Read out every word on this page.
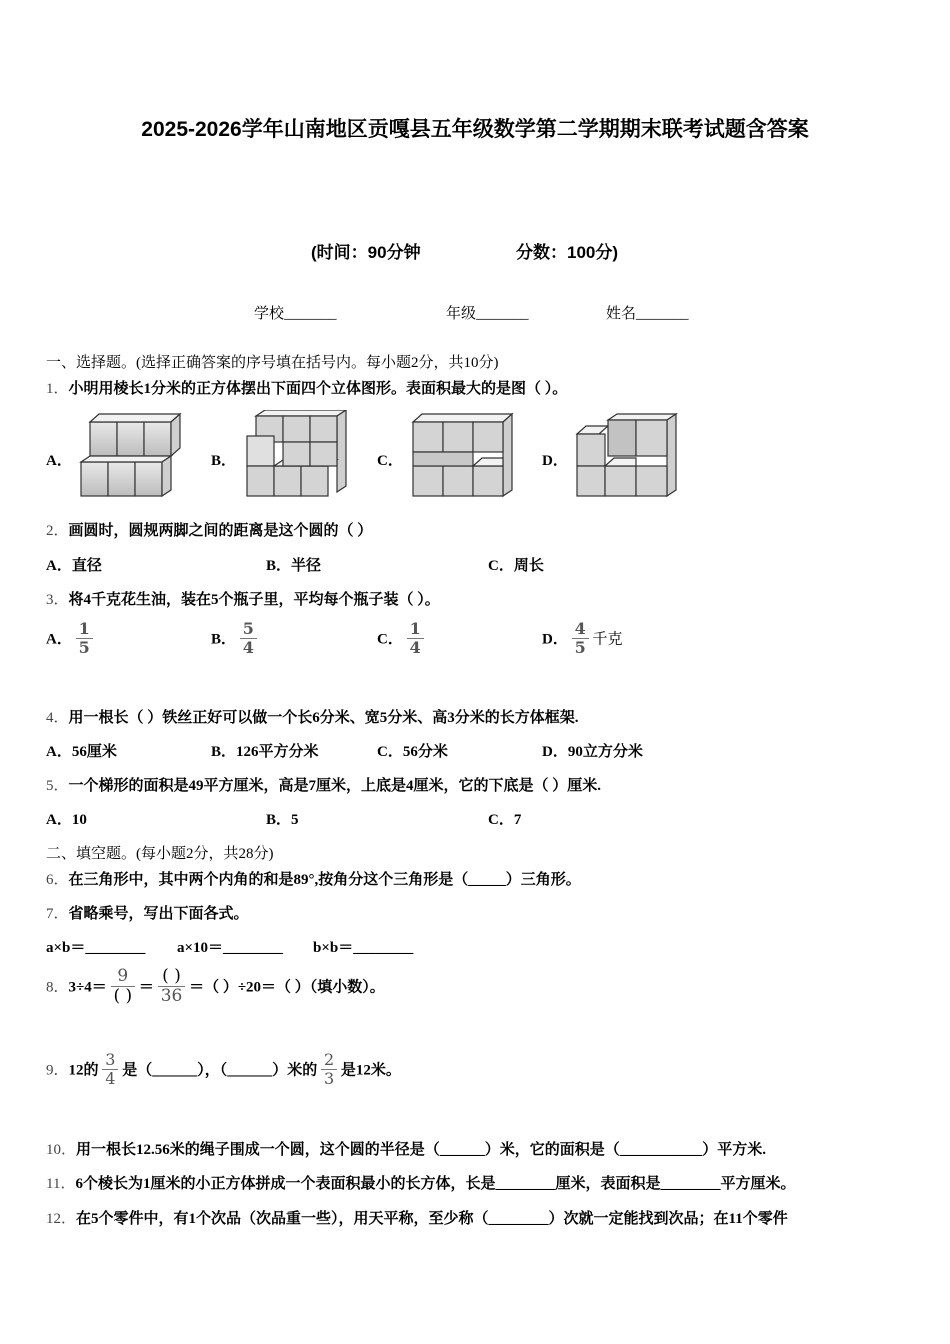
2025-2026学年山南地区贡嘎县五年级数学第二学期期末联考试题含答案
(时间：90分钟	分数：100分)
学校_______	年级_______	姓名_______
一、选择题。(选择正确答案的序号填在括号内。每小题2分，共10分)
1．小明用棱长1分米的正方体摆出下面四个立体图形。表面积最大的是图（ ）。
A．	B．	C．	D．
2．画圆时，圆规两脚之间的距离是这个圆的（ ）
A．直径	B．半径	C．周长
3．将4千克花生油，装在5个瓶子里，平均每个瓶子装（ ）。
A． $\frac{1}{5}$	B． $\frac{5}{4}$	C． $\frac{1}{4}$	D． $\frac{4}{5}$ 千克
4．用一根长（ ）铁丝正好可以做一个长6分米、宽5分米、高3分米的长方体框架.
A．56厘米	B．126平方分米	C．56分米	D．90立方分米
5．一个梯形的面积是49平方厘米，高是7厘米，上底是4厘米，它的下底是（ ）厘米.
A．10	B．5	C．7
二、填空题。(每小题2分，共28分)
6．在三角形中，其中两个内角的和是89°,按角分这个三角形是（_____）三角形。
7．省略乘号，写出下面各式。
a×b＝________ a×10＝________ b×b＝________
8．$3\div 4= \frac{9}{( )} = \frac{( )}{36}$ ＝（ ）÷20＝（ ）（填小数）。
9．12的 $\frac{3}{4}$ 是（______），（______）米的 $\frac{2}{3}$ 是12米。
10．用一根长12.56米的绳子围成一个圆，这个圆的半径是（______）米，它的面积是（___________）平方米.
11．6个棱长为1厘米的小正方体拼成一个表面积最小的长方体，长是________厘米，表面积是________平方厘米。
12．在5个零件中，有1个次品（次品重一些），用天平称，至少称（________）次就一定能找到次品；在11个零件
